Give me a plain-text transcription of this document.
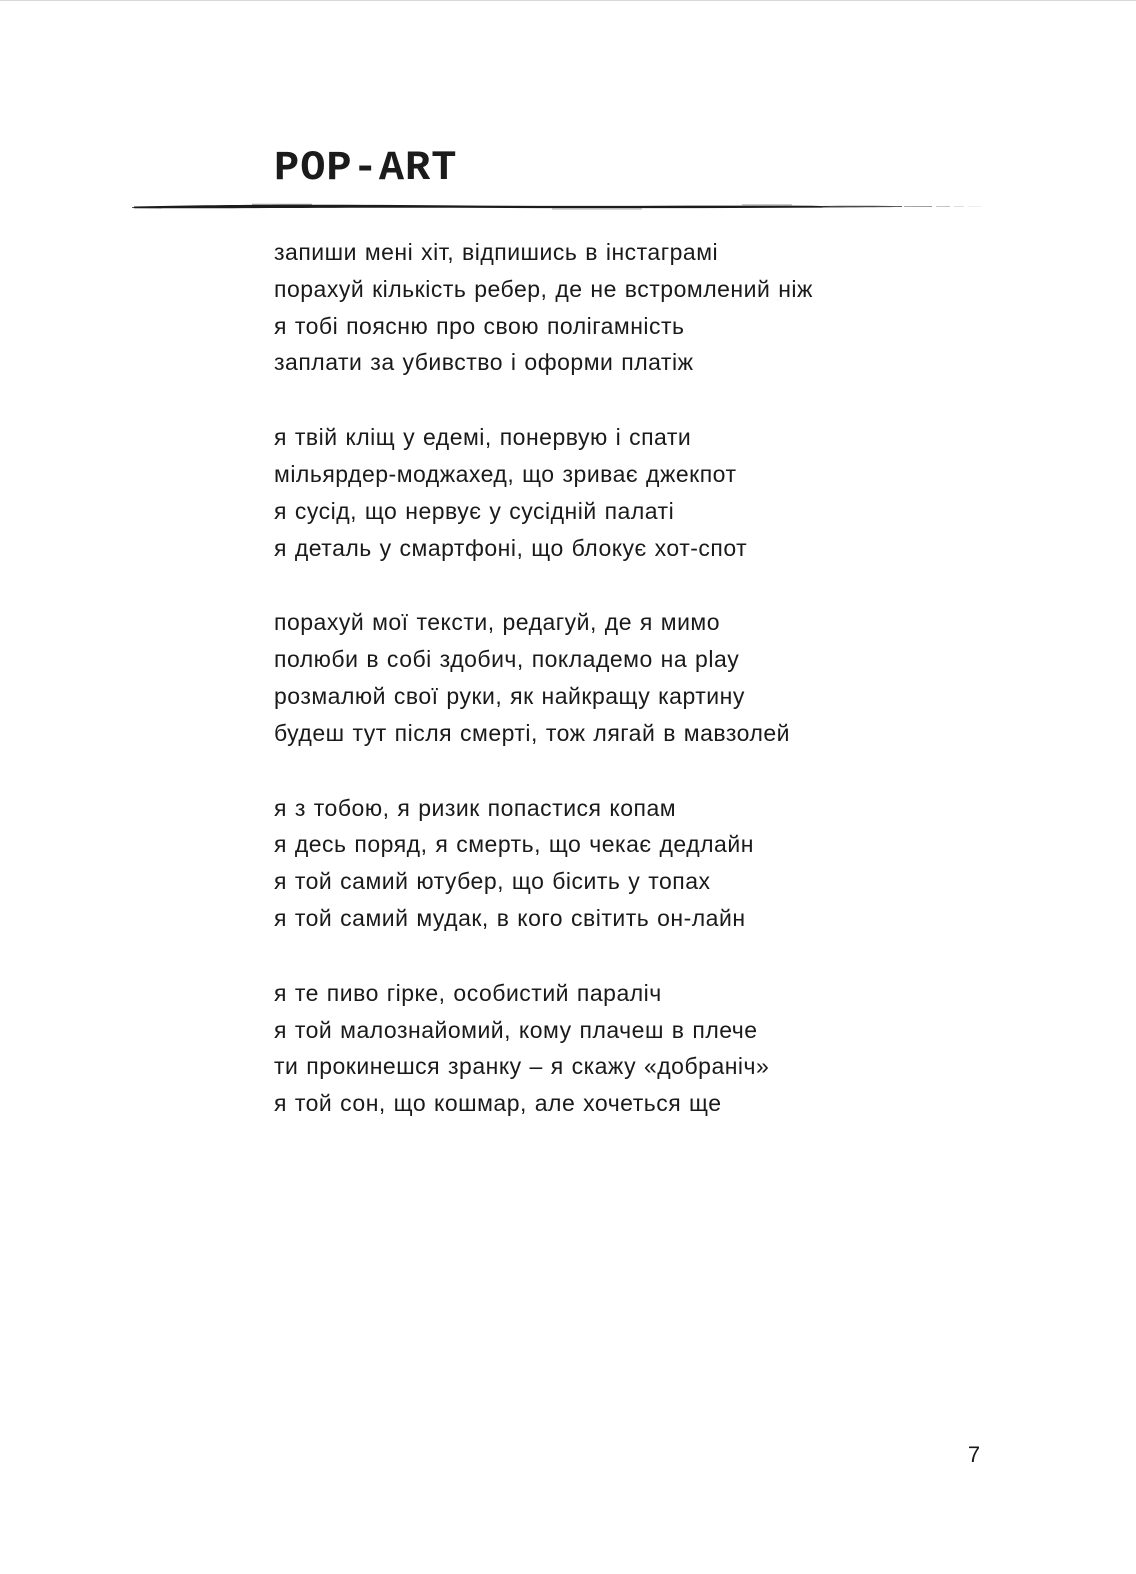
POP-ART
запиши мені хіт, відпишись в інстаграмі
порахуй кількість ребер, де не встромлений ніж
я тобі поясню про свою полігамність
заплати за убивство і оформи платіж
я твій кліщ у едемі, понервую і спати
мільярдер-моджахед, що зриває джекпот
я сусід, що нервує у сусідній палаті
я деталь у смартфоні, що блокує хот-спот
порахуй мої тексти, редагуй, де я мимо
полюби в собі здобич, покладемо на play
розмалюй свої руки, як найкращу картину
будеш тут після смерті, тож лягай в мавзолей
я з тобою, я ризик попастися копам
я десь поряд, я смерть, що чекає дедлайн
я той самий ютубер, що бісить у топах
я той самий мудак, в кого світить он-лайн
я те пиво гірке, особистий параліч
я той малознайомий, кому плачеш в плече
ти прокинешся зранку – я скажу «добраніч»
я той сон, що кошмар, але хочеться ще
7
